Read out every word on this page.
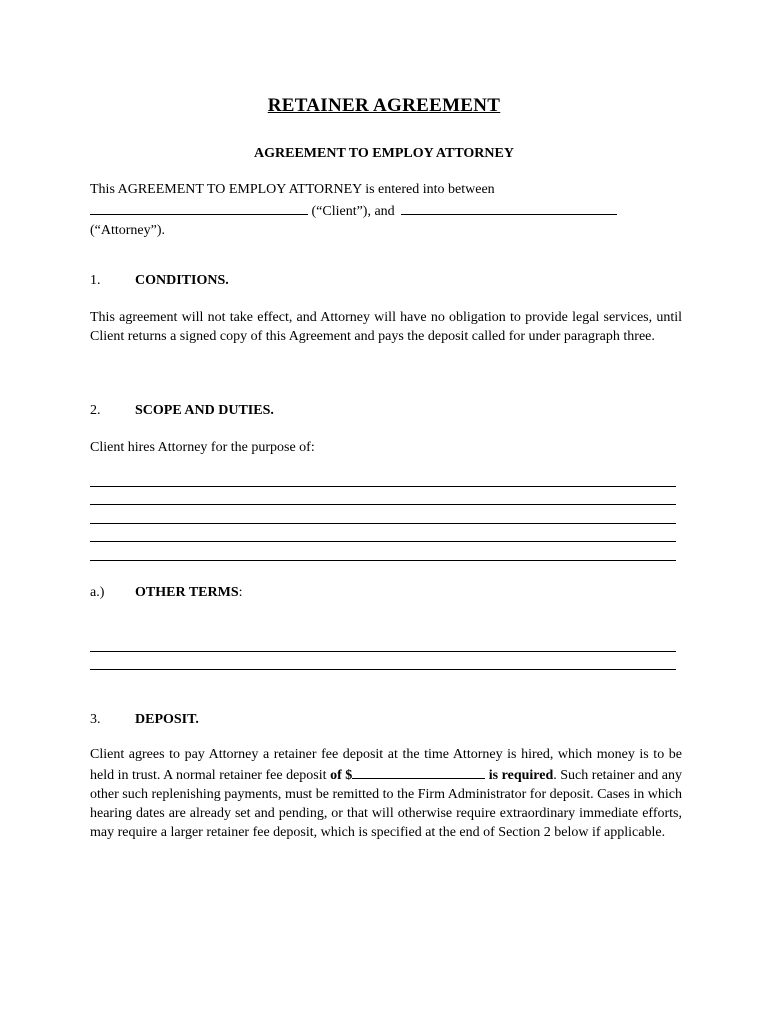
RETAINER AGREEMENT
AGREEMENT TO EMPLOY ATTORNEY
This AGREEMENT TO EMPLOY ATTORNEY is entered into between
(“Client”), and
(“Attorney”).
1. CONDITIONS.
This agreement will not take effect, and Attorney will have no obligation to provide legal services, until Client returns a signed copy of this Agreement and pays the deposit called for under paragraph three.
2. SCOPE AND DUTIES.
Client hires Attorney for the purpose of:
a.) OTHER TERMS:
3. DEPOSIT.
Client agrees to pay Attorney a retainer fee deposit at the time Attorney is hired, which money is to be held in trust. A normal retainer fee deposit of $	is required. Such retainer and any other such replenishing payments, must be remitted to the Firm Administrator for deposit. Cases in which hearing dates are already set and pending, or that will otherwise require extraordinary immediate efforts, may require a larger retainer fee deposit, which is specified at the end of Section 2 below if applicable.
